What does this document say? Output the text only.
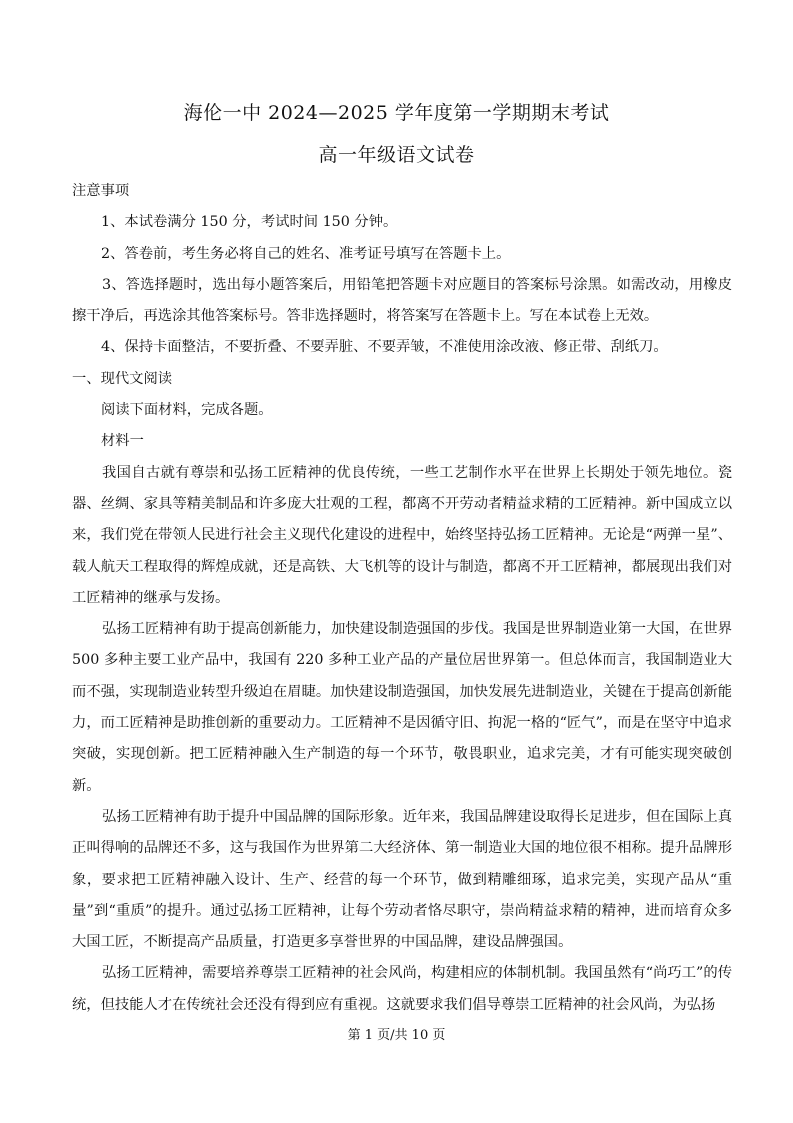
海伦一中 2024—2025 学年度第一学期期末考试
高一年级语文试卷

注意事项

1、本试卷满分 150 分，考试时间 150 分钟。

2、答卷前，考生务必将自己的姓名、准考证号填写在答题卡上。

3、答选择题时，选出每小题答案后，用铅笔把答题卡对应题目的答案标号涂黑。如需改动，用橡皮擦干净后，再选涂其他答案标号。答非选择题时，将答案写在答题卡上。写在本试卷上无效。

4、保持卡面整洁，不要折叠、不要弄脏、不要弄皱，不准使用涂改液、修正带、刮纸刀。

一、现代文阅读

阅读下面材料，完成各题。

材料一

我国自古就有尊崇和弘扬工匠精神的优良传统，一些工艺制作水平在世界上长期处于领先地位。瓷器、丝绸、家具等精美制品和许多庞大壮观的工程，都离不开劳动者精益求精的工匠精神。新中国成立以来，我们党在带领人民进行社会主义现代化建设的进程中，始终坚持弘扬工匠精神。无论是“两弹一星”、载人航天工程取得的辉煌成就，还是高铁、大飞机等的设计与制造，都离不开工匠精神，都展现出我们对工匠精神的继承与发扬。

弘扬工匠精神有助于提高创新能力，加快建设制造强国的步伐。我国是世界制造业第一大国，在世界 500 多种主要工业产品中，我国有 220 多种工业产品的产量位居世界第一。但总体而言，我国制造业大而不强，实现制造业转型升级迫在眉睫。加快建设制造强国，加快发展先进制造业，关键在于提高创新能力，而工匠精神是助推创新的重要动力。工匠精神不是因循守旧、拘泥一格的“匠气”，而是在坚守中追求突破，实现创新。把工匠精神融入生产制造的每一个环节，敬畏职业，追求完美，才有可能实现突破创新。

弘扬工匠精神有助于提升中国品牌的国际形象。近年来，我国品牌建设取得长足进步，但在国际上真正叫得响的品牌还不多，这与我国作为世界第二大经济体、第一制造业大国的地位很不相称。提升品牌形象，要求把工匠精神融入设计、生产、经营的每一个环节，做到精雕细琢，追求完美，实现产品从“重量”到“重质”的提升。通过弘扬工匠精神，让每个劳动者恪尽职守，崇尚精益求精的精神，进而培育众多大国工匠，不断提高产品质量，打造更多享誉世界的中国品牌，建设品牌强国。

弘扬工匠精神，需要培养尊崇工匠精神的社会风尚，构建相应的体制机制。我国虽然有“尚巧工”的传统，但技能人才在传统社会还没有得到应有重视。这就要求我们倡导尊崇工匠精神的社会风尚，为弘扬

第 1 页/共 10 页
